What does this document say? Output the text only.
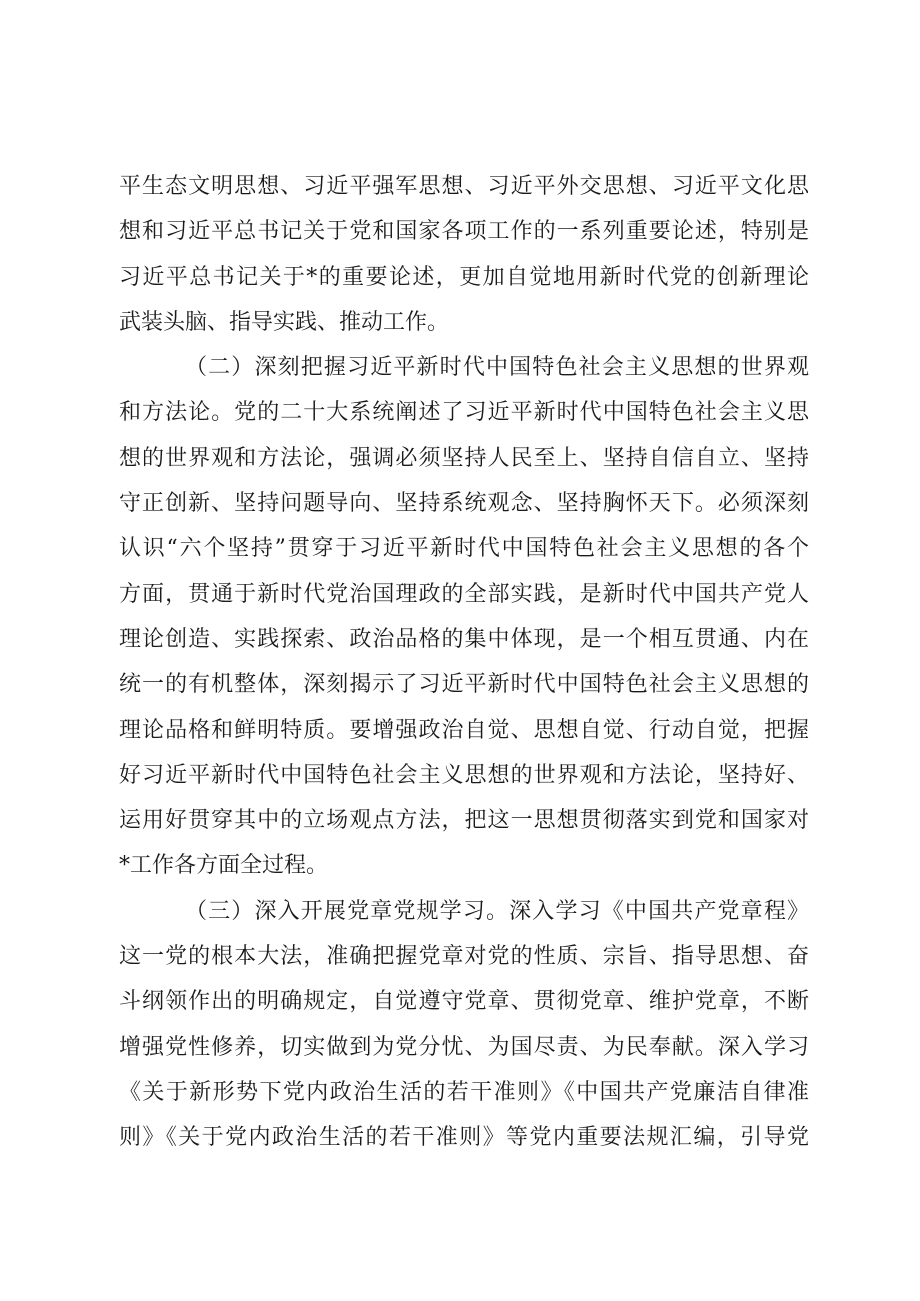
平生态文明思想、习近平强军思想、习近平外交思想、习近平文化思
想和习近平总书记关于党和国家各项工作的一系列重要论述，特别是
习近平总书记关于*的重要论述，更加自觉地用新时代党的创新理论
武装头脑、指导实践、推动工作。
（二）深刻把握习近平新时代中国特色社会主义思想的世界观
和方法论。党的二十大系统阐述了习近平新时代中国特色社会主义思
想的世界观和方法论，强调必须坚持人民至上、坚持自信自立、坚持
守正创新、坚持问题导向、坚持系统观念、坚持胸怀天下。必须深刻
认识“六个坚持”贯穿于习近平新时代中国特色社会主义思想的各个
方面，贯通于新时代党治国理政的全部实践，是新时代中国共产党人
理论创造、实践探索、政治品格的集中体现，是一个相互贯通、内在
统一的有机整体，深刻揭示了习近平新时代中国特色社会主义思想的
理论品格和鲜明特质。要增强政治自觉、思想自觉、行动自觉，把握
好习近平新时代中国特色社会主义思想的世界观和方法论，坚持好、
运用好贯穿其中的立场观点方法，把这一思想贯彻落实到党和国家对
*工作各方面全过程。
（三）深入开展党章党规学习。深入学习《中国共产党章程》
这一党的根本大法，准确把握党章对党的性质、宗旨、指导思想、奋
斗纲领作出的明确规定，自觉遵守党章、贯彻党章、维护党章，不断
增强党性修养，切实做到为党分忧、为国尽责、为民奉献。深入学习
《关于新形势下党内政治生活的若干准则》《中国共产党廉洁自律准
则》《关于党内政治生活的若干准则》等党内重要法规汇编，引导党
